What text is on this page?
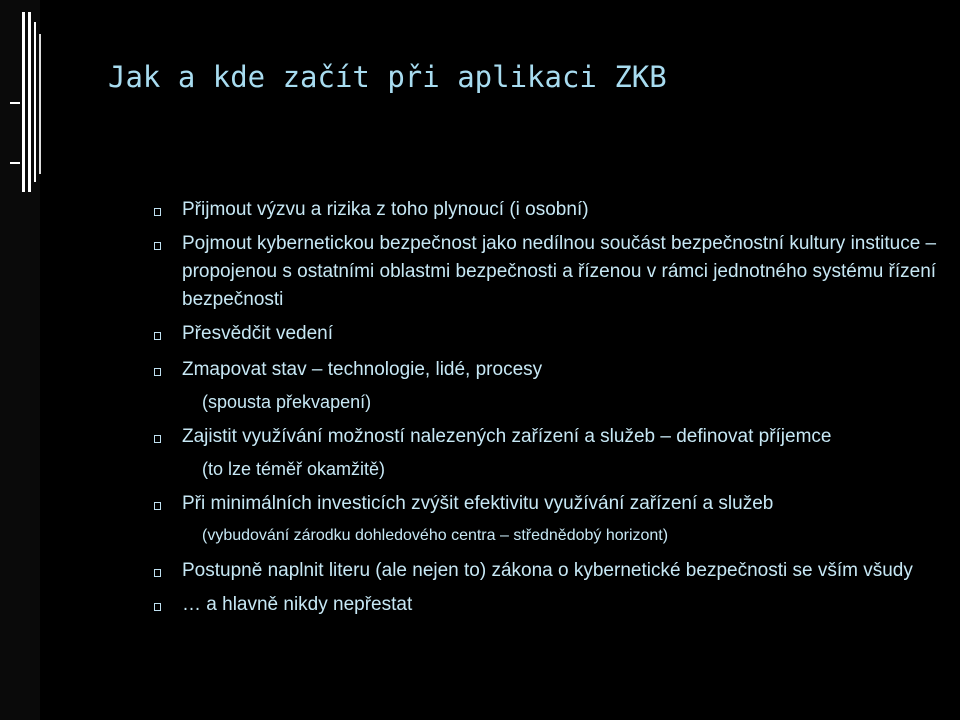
Jak a kde začít při aplikaci ZKB
Přijmout výzvu a rizika z toho plynoucí (i osobní)
Pojmout kybernetickou bezpečnost jako nedílnou součást bezpečnostní kultury instituce – propojenou s ostatními oblastmi bezpečnosti a řízenou v rámci jednotného systému řízení bezpečnosti
Přesvědčit vedení
Zmapovat stav – technologie, lidé, procesy
(spousta překvapení)
Zajistit využívání možností nalezených zařízení a služeb – definovat příjemce
(to lze téměř okamžitě)
Při minimálních investicích zvýšit efektivitu využívání zařízení a služeb
(vybudování zárodku dohledového centra – střednědobý horizont)
Postupně naplnit literu (ale nejen to) zákona o kybernetické bezpečnosti se vším všudy
… a hlavně nikdy nepřestat
